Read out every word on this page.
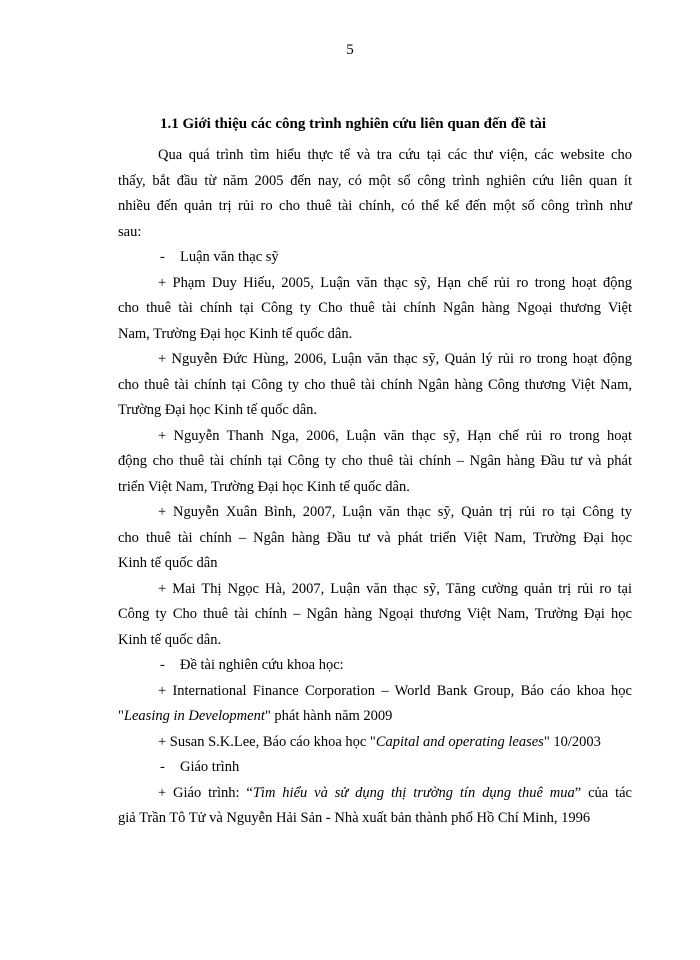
5
1.1 Giới thiệu các công trình nghiên cứu liên quan đến đề tài
Qua quá trình tìm hiểu thực tế và tra cứu tại các thư viện, các website cho
thấy, bắt đầu từ năm 2005 đến nay, có một số công trình nghiên cứu liên quan ít
nhiều đến quản trị rủi ro cho thuê tài chính, có thể kể đến một số công trình như
sau:
- Luận văn thạc sỹ
+ Phạm Duy Hiếu, 2005, Luận văn thạc sỹ, Hạn chế rủi ro trong hoạt động
cho thuê tài chính tại Công ty Cho thuê tài chính Ngân hàng Ngoại thương Việt
Nam, Trường Đại học Kinh tế quốc dân.
+ Nguyễn Đức Hùng, 2006, Luận văn thạc sỹ, Quản lý rủi ro trong hoạt động
cho thuê tài chính tại Công ty cho thuê tài chính Ngân hàng Công thương Việt Nam,
Trường Đại học Kinh tế quốc dân.
+ Nguyễn Thanh Nga, 2006, Luận văn thạc sỹ, Hạn chế rủi ro trong hoạt
động cho thuê tài chính tại Công ty cho thuê tài chính – Ngân hàng Đầu tư và phát
triển Việt Nam, Trường Đại học Kinh tế quốc dân.
+ Nguyễn Xuân Bình, 2007, Luận văn thạc sỹ, Quản trị rủi ro tại Công ty
cho thuê tài chính – Ngân hàng Đầu tư và phát triển Việt Nam, Trường Đại học
Kinh tế quốc dân
+ Mai Thị Ngọc Hà, 2007, Luận văn thạc sỹ, Tăng cường quản trị rủi ro tại
Công ty Cho thuê tài chính – Ngân hàng Ngoại thương Việt Nam, Trường Đại học
Kinh tế quốc dân.
- Đề tài nghiên cứu khoa học:
+ International Finance Corporation – World Bank Group, Báo cáo khoa học
"Leasing in Development" phát hành năm 2009
+ Susan S.K.Lee, Báo cáo khoa học "Capital and operating leases" 10/2003
- Giáo trình
+ Giáo trình: “Tìm hiểu và sử dụng thị trường tín dụng thuê mua” của tác
giả Trần Tô Tử và Nguyễn Hải Sản - Nhà xuất bản thành phố Hồ Chí Minh, 1996
